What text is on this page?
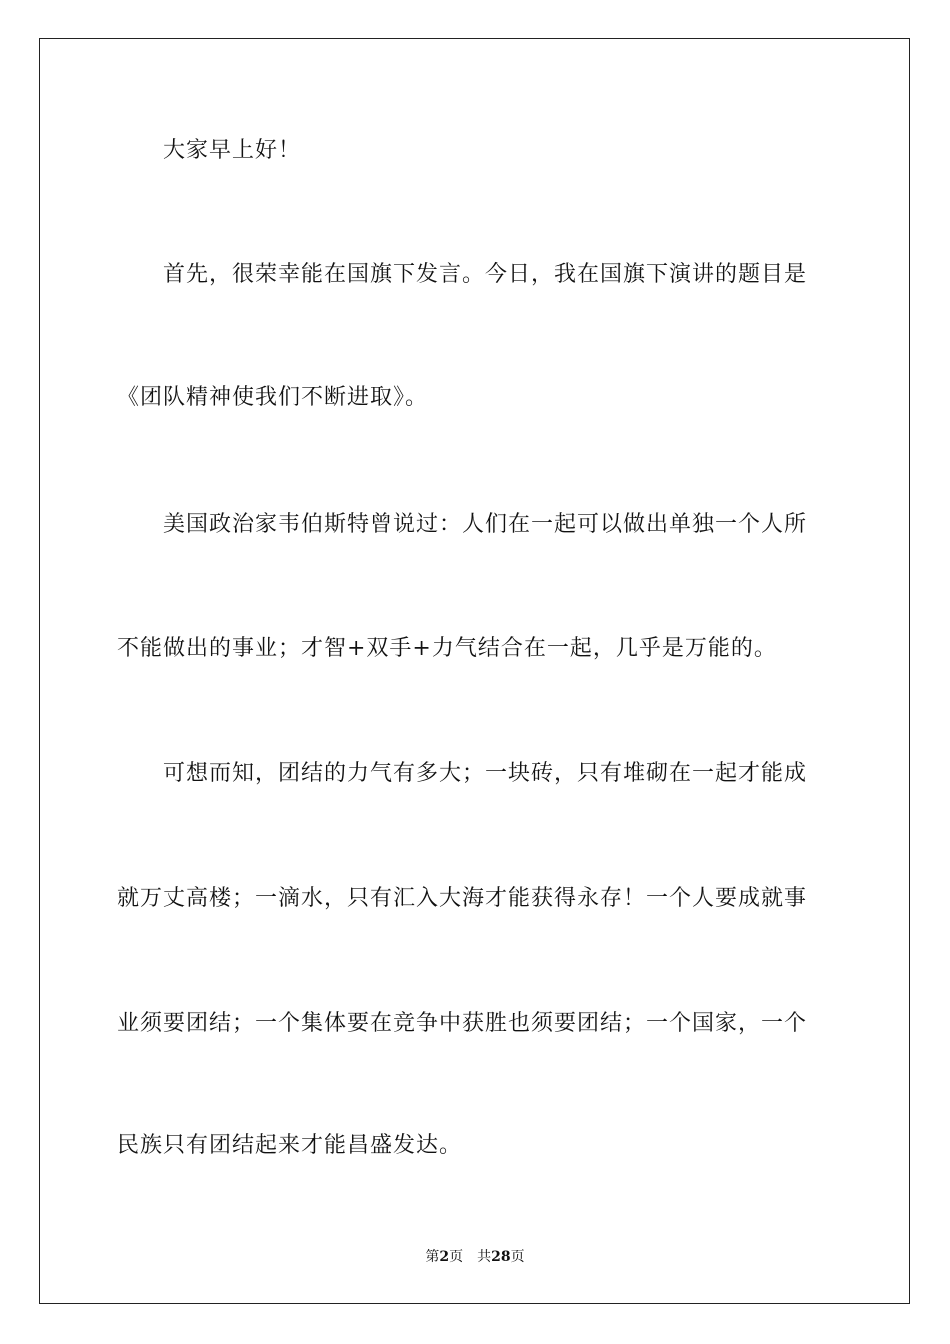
大家早上好！
首先，很荣幸能在国旗下发言。今日，我在国旗下演讲的题目是
《团队精神使我们不断进取》。
美国政治家韦伯斯特曾说过：人们在一起可以做出单独一个人所
不能做出的事业；才智+双手+力气结合在一起，几乎是万能的。
可想而知，团结的力气有多大；一块砖，只有堆砌在一起才能成
就万丈高楼；一滴水，只有汇入大海才能获得永存！一个人要成就事
业须要团结；一个集体要在竞争中获胜也须要团结；一个国家，一个
民族只有团结起来才能昌盛发达。
第2页 共28页
